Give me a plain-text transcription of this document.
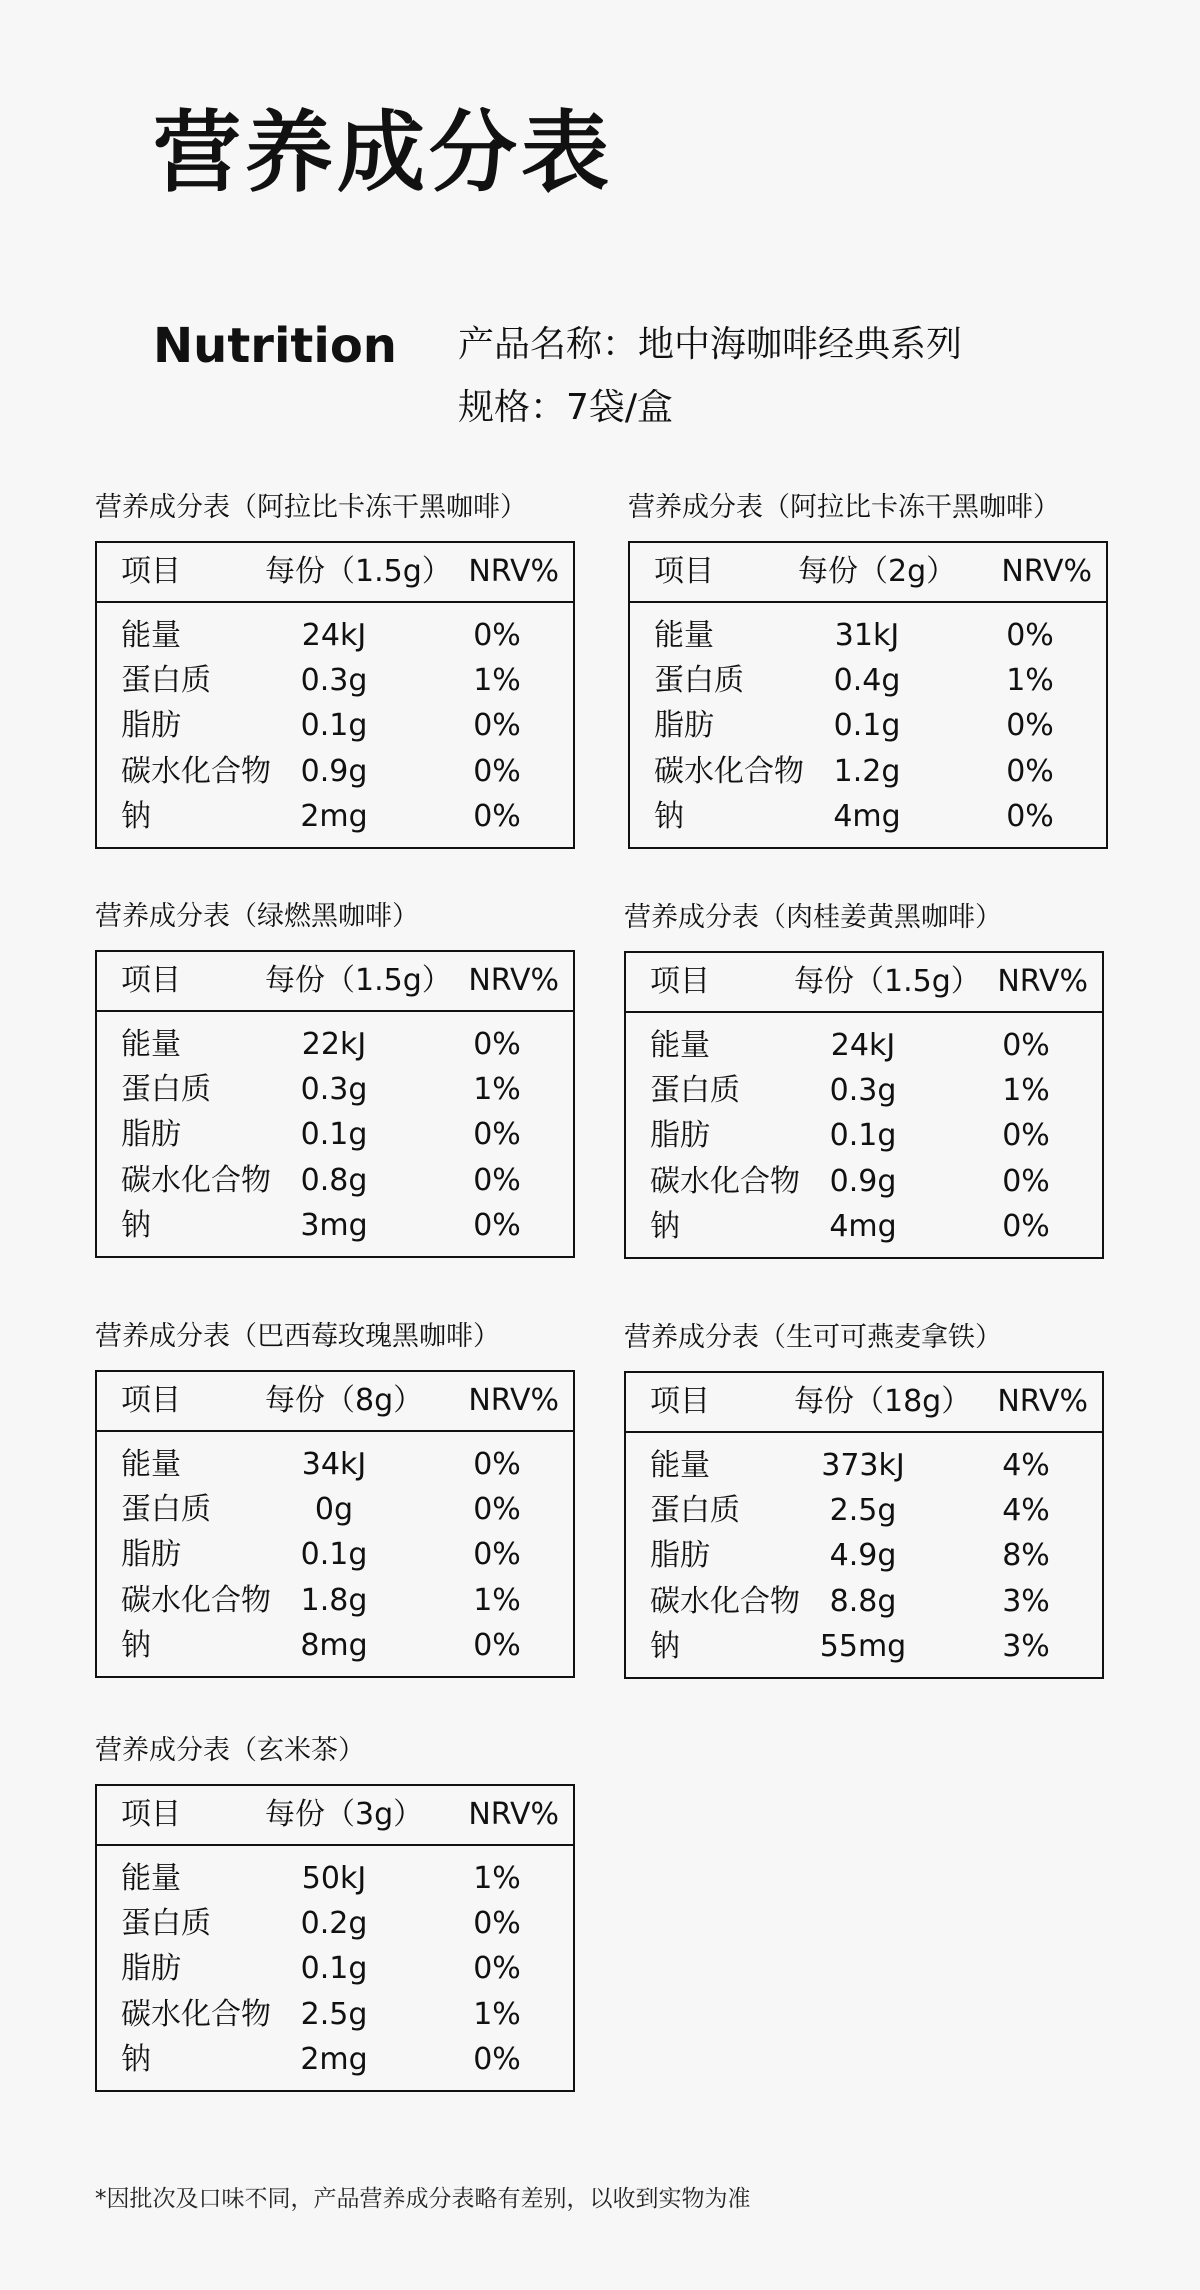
营养成分表
Nutrition 产品名称：地中海咖啡经典系列
规格：7袋/盒
营养成分表（阿拉比卡冻干黑咖啡）
项目	每份（1.5g） NRV%
能量	24kJ	0%
蛋白质	0.3g	1%
脂肪	0.1g	0%
碳水化合物 0.9g	0%
钠	2mg	0%
营养成分表（阿拉比卡冻干黑咖啡）
项目	每份（2g） NRV%
能量	31kJ	0%
蛋白质	0.4g	1%
脂肪	0.1g	0%
碳水化合物 1.2g	0%
钠	4mg	0%
营养成分表（绿燃黑咖啡）
项目	每份（1.5g） NRV%
能量	22kJ	0%
蛋白质	0.3g	1%
脂肪	0.1g	0%
碳水化合物 0.8g	0%
钠	3mg	0%
营养成分表（肉桂姜黄黑咖啡）
项目	每份（1.5g） NRV%
能量	24kJ	0%
蛋白质	0.3g	1%
脂肪	0.1g	0%
碳水化合物 0.9g	0%
钠	4mg	0%
营养成分表（巴西莓玫瑰黑咖啡）
项目	每份（8g） NRV%
能量	34kJ	0%
蛋白质	0g	0%
脂肪	0.1g	0%
碳水化合物 1.8g	1%
钠	8mg	0%
营养成分表（生可可燕麦拿铁）
项目	每份（18g） NRV%
能量	373kJ	4%
蛋白质	2.5g	4%
脂肪	4.9g	8%
碳水化合物 8.8g	3%
钠	55mg	3%
营养成分表（玄米茶）
项目	每份（3g） NRV%
能量	50kJ	1%
蛋白质	0.2g	0%
脂肪	0.1g	0%
碳水化合物 2.5g	1%
钠	2mg	0%
*因批次及口味不同，产品营养成分表略有差别，以收到实物为准
